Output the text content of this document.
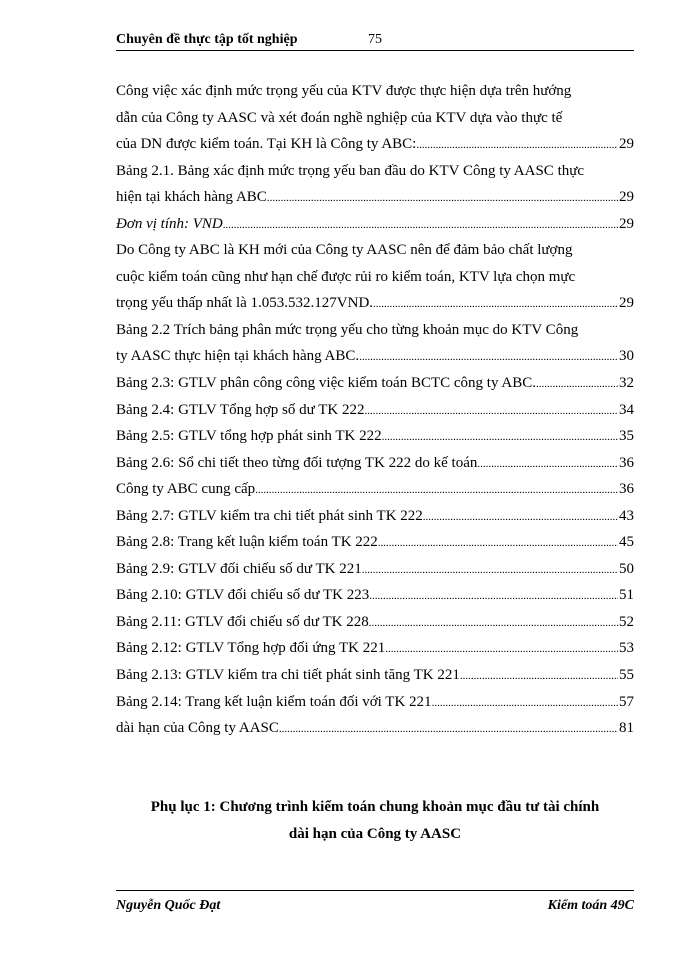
Chuyên đề thực tập tốt nghiệp	75
Công việc xác định mức trọng yếu của KTV được thực hiện dựa trên hướng
dẫn của Công ty AASC và xét đoán nghề nghiệp của KTV dựa vào thực tế
của DN được kiểm toán. Tại KH là Công ty ABC: .....	29
Bảng 2.1. Bảng xác định mức trọng yếu ban đầu do KTV Công ty AASC thực
hiện tại khách hàng ABC .....	29
Đơn vị tính: VND .....	29
Do Công ty ABC là KH mới của Công ty AASC nên để đảm bảo chất lượng
cuộc kiểm toán cũng như hạn chế được rủi ro kiểm toán, KTV lựa chọn mực
trọng yếu thấp nhất là 1.053.532.127VND. .....	29
Bảng 2.2 Trích bảng phân mức trọng yếu cho từng khoản mục do KTV Công
ty AASC thực hiện tại khách hàng ABC. .....	30
Bảng 2.3: GTLV phân công công việc kiểm toán BCTC công ty ABC. .....	32
Bảng 2.4: GTLV Tổng hợp số dư TK 222 .....	34
Bảng 2.5: GTLV tổng hợp phát sinh TK 222 .....	35
Bảng 2.6: Sổ chi tiết theo từng đối tượng TK 222 do kế toán .....	36
Công ty ABC cung cấp .....	36
Bảng 2.7: GTLV kiểm tra chi tiết phát sinh TK 222 .....	43
Bảng 2.8: Trang kết luận kiểm toán TK 222 .....	45
Bảng 2.9: GTLV đối chiếu số dư TK 221 .....	50
Bảng 2.10: GTLV đối chiếu số dư TK 223 .....	51
Bảng 2.11: GTLV đối chiếu số dư TK 228 .....	52
Bảng 2.12: GTLV Tổng hợp đối ứng TK 221 .....	53
Bảng 2.13: GTLV kiểm tra chi tiết phát sinh tăng TK 221 .....	55
Bảng 2.14: Trang kết luận kiểm toán đối với TK 221 .....	57
dài hạn của Công ty AASC .....	81
Phụ lục 1: Chương trình kiểm toán chung khoản mục đầu tư tài chính
dài hạn của Công ty AASC
Nguyễn Quốc Đạt	Kiểm toán 49C
